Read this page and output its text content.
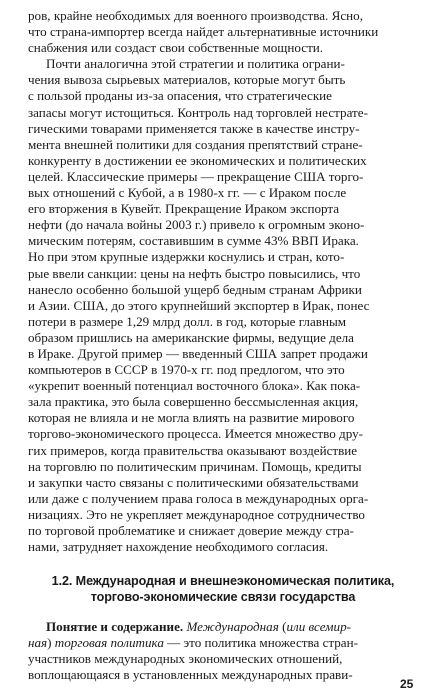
ров, крайне необходимых для военного производства. Ясно,
что страна-импортер всегда найдет альтернативные источники
снабжения или создаст свои собственные мощности.

Почти аналогична этой стратегии и политика ограни-

чения вывоза сырьевых материалов, которые могут быть
с пользой проданы из-за опасения, что стратегические
запасы могут истощиться. Контроль над торговлей нестрате-
гическими товарами применяется также в качестве инстру-
мента внешней политики для создания препятствий стране-
конкуренту в достижении ее экономических и политических
целей. Классические примеры — прекращение США торго-
вых отношений с Кубой, а в 1980-х гг. — с Ираком после
его вторжения в Кувейт. Прекращение Ираком экспорта
нефти (до начала войны 2003 г.) привело к огромным эконо-
мическим потерям, составившим в сумме 43% ВВП Ирака.
Но при этом крупные издержки коснулись и стран, кото-
рые ввели санкции: цены на нефть быстро повысились, что
нанесло особенно большой ущерб бедным странам Африки
и Азии. США, до этого крупнейший экспортер в Ирак, понес
потери в размере 1,29 млрд долл. в год, которые главным
образом пришлись на американские фирмы, ведущие дела
в Ираке. Другой пример — введенный США запрет продажи
компьютеров в СССР в 1970-х гг. под предлогом, что это
«укрепит военный потенциал восточного блока». Как пока-
зала практика, это была совершенно бессмысленная акция,
которая не влияла и не могла влиять на развитие мирового
торгово-экономического процесса. Имеется множество дру-
гих примеров, когда правительства оказывают воздействие
на торговлю по политическим причинам. Помощь, кредиты
и закупки часто связаны с политическими обязательствами
или даже с получением права голоса в международных орга-
низациях. Это не укрепляет международное сотрудничество
по торговой проблематике и снижает доверие между стра-
нами, затрудняет нахождение необходимого согласия.

1.2. Международная и внешнеэкономическая политика,
торгово-экономические связи государства

Понятие и содержание. Международная (или всемир-
ная) торговая политика — это политика множества стран-
участников международных экономических отношений,
воплощающаяся в установленных международных прави-

25
